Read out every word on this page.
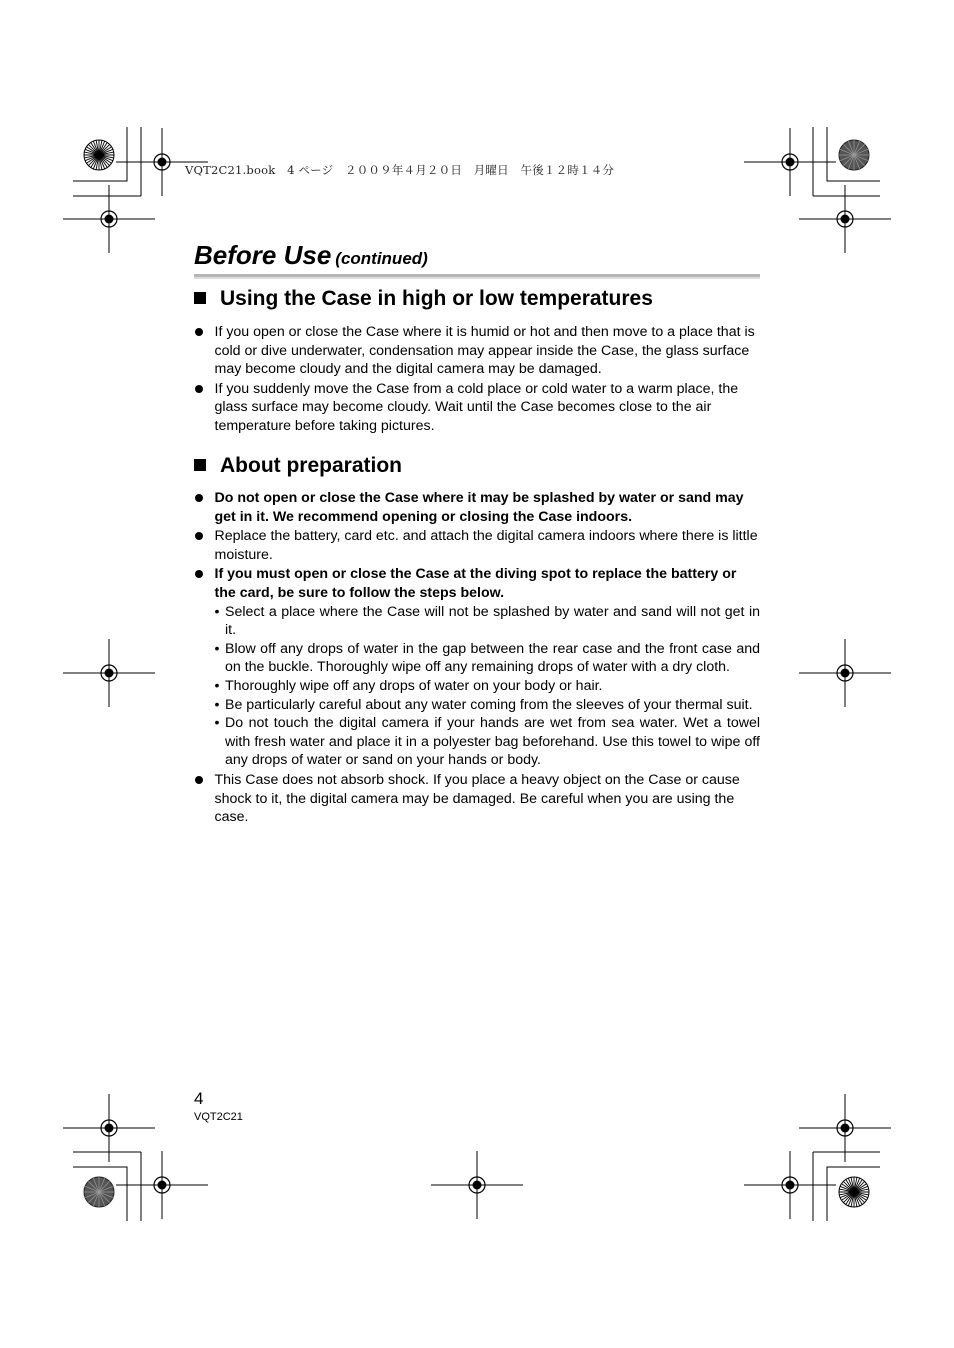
VQT2C21.book　4 ページ　２００９年４月２０日　月曜日　午後１２時１４分
Before Use (continued)
Using the Case in high or low temperatures
If you open or close the Case where it is humid or hot and then move to a place that is cold or dive underwater, condensation may appear inside the Case, the glass surface may become cloudy and the digital camera may be damaged.
If you suddenly move the Case from a cold place or cold water to a warm place, the glass surface may become cloudy. Wait until the Case becomes close to the air temperature before taking pictures.
About preparation
Do not open or close the Case where it may be splashed by water or sand may get in it. We recommend opening or closing the Case indoors.
Replace the battery, card etc. and attach the digital camera indoors where there is little moisture.
If you must open or close the Case at the diving spot to replace the battery or the card, be sure to follow the steps below.
• Select a place where the Case will not be splashed by water and sand will not get in it.
• Blow off any drops of water in the gap between the rear case and the front case and on the buckle. Thoroughly wipe off any remaining drops of water with a dry cloth.
• Thoroughly wipe off any drops of water on your body or hair.
• Be particularly careful about any water coming from the sleeves of your thermal suit.
• Do not touch the digital camera if your hands are wet from sea water. Wet a towel with fresh water and place it in a polyester bag beforehand. Use this towel to wipe off any drops of water or sand on your hands or body.
This Case does not absorb shock. If you place a heavy object on the Case or cause shock to it, the digital camera may be damaged. Be careful when you are using the case.
4
VQT2C21
